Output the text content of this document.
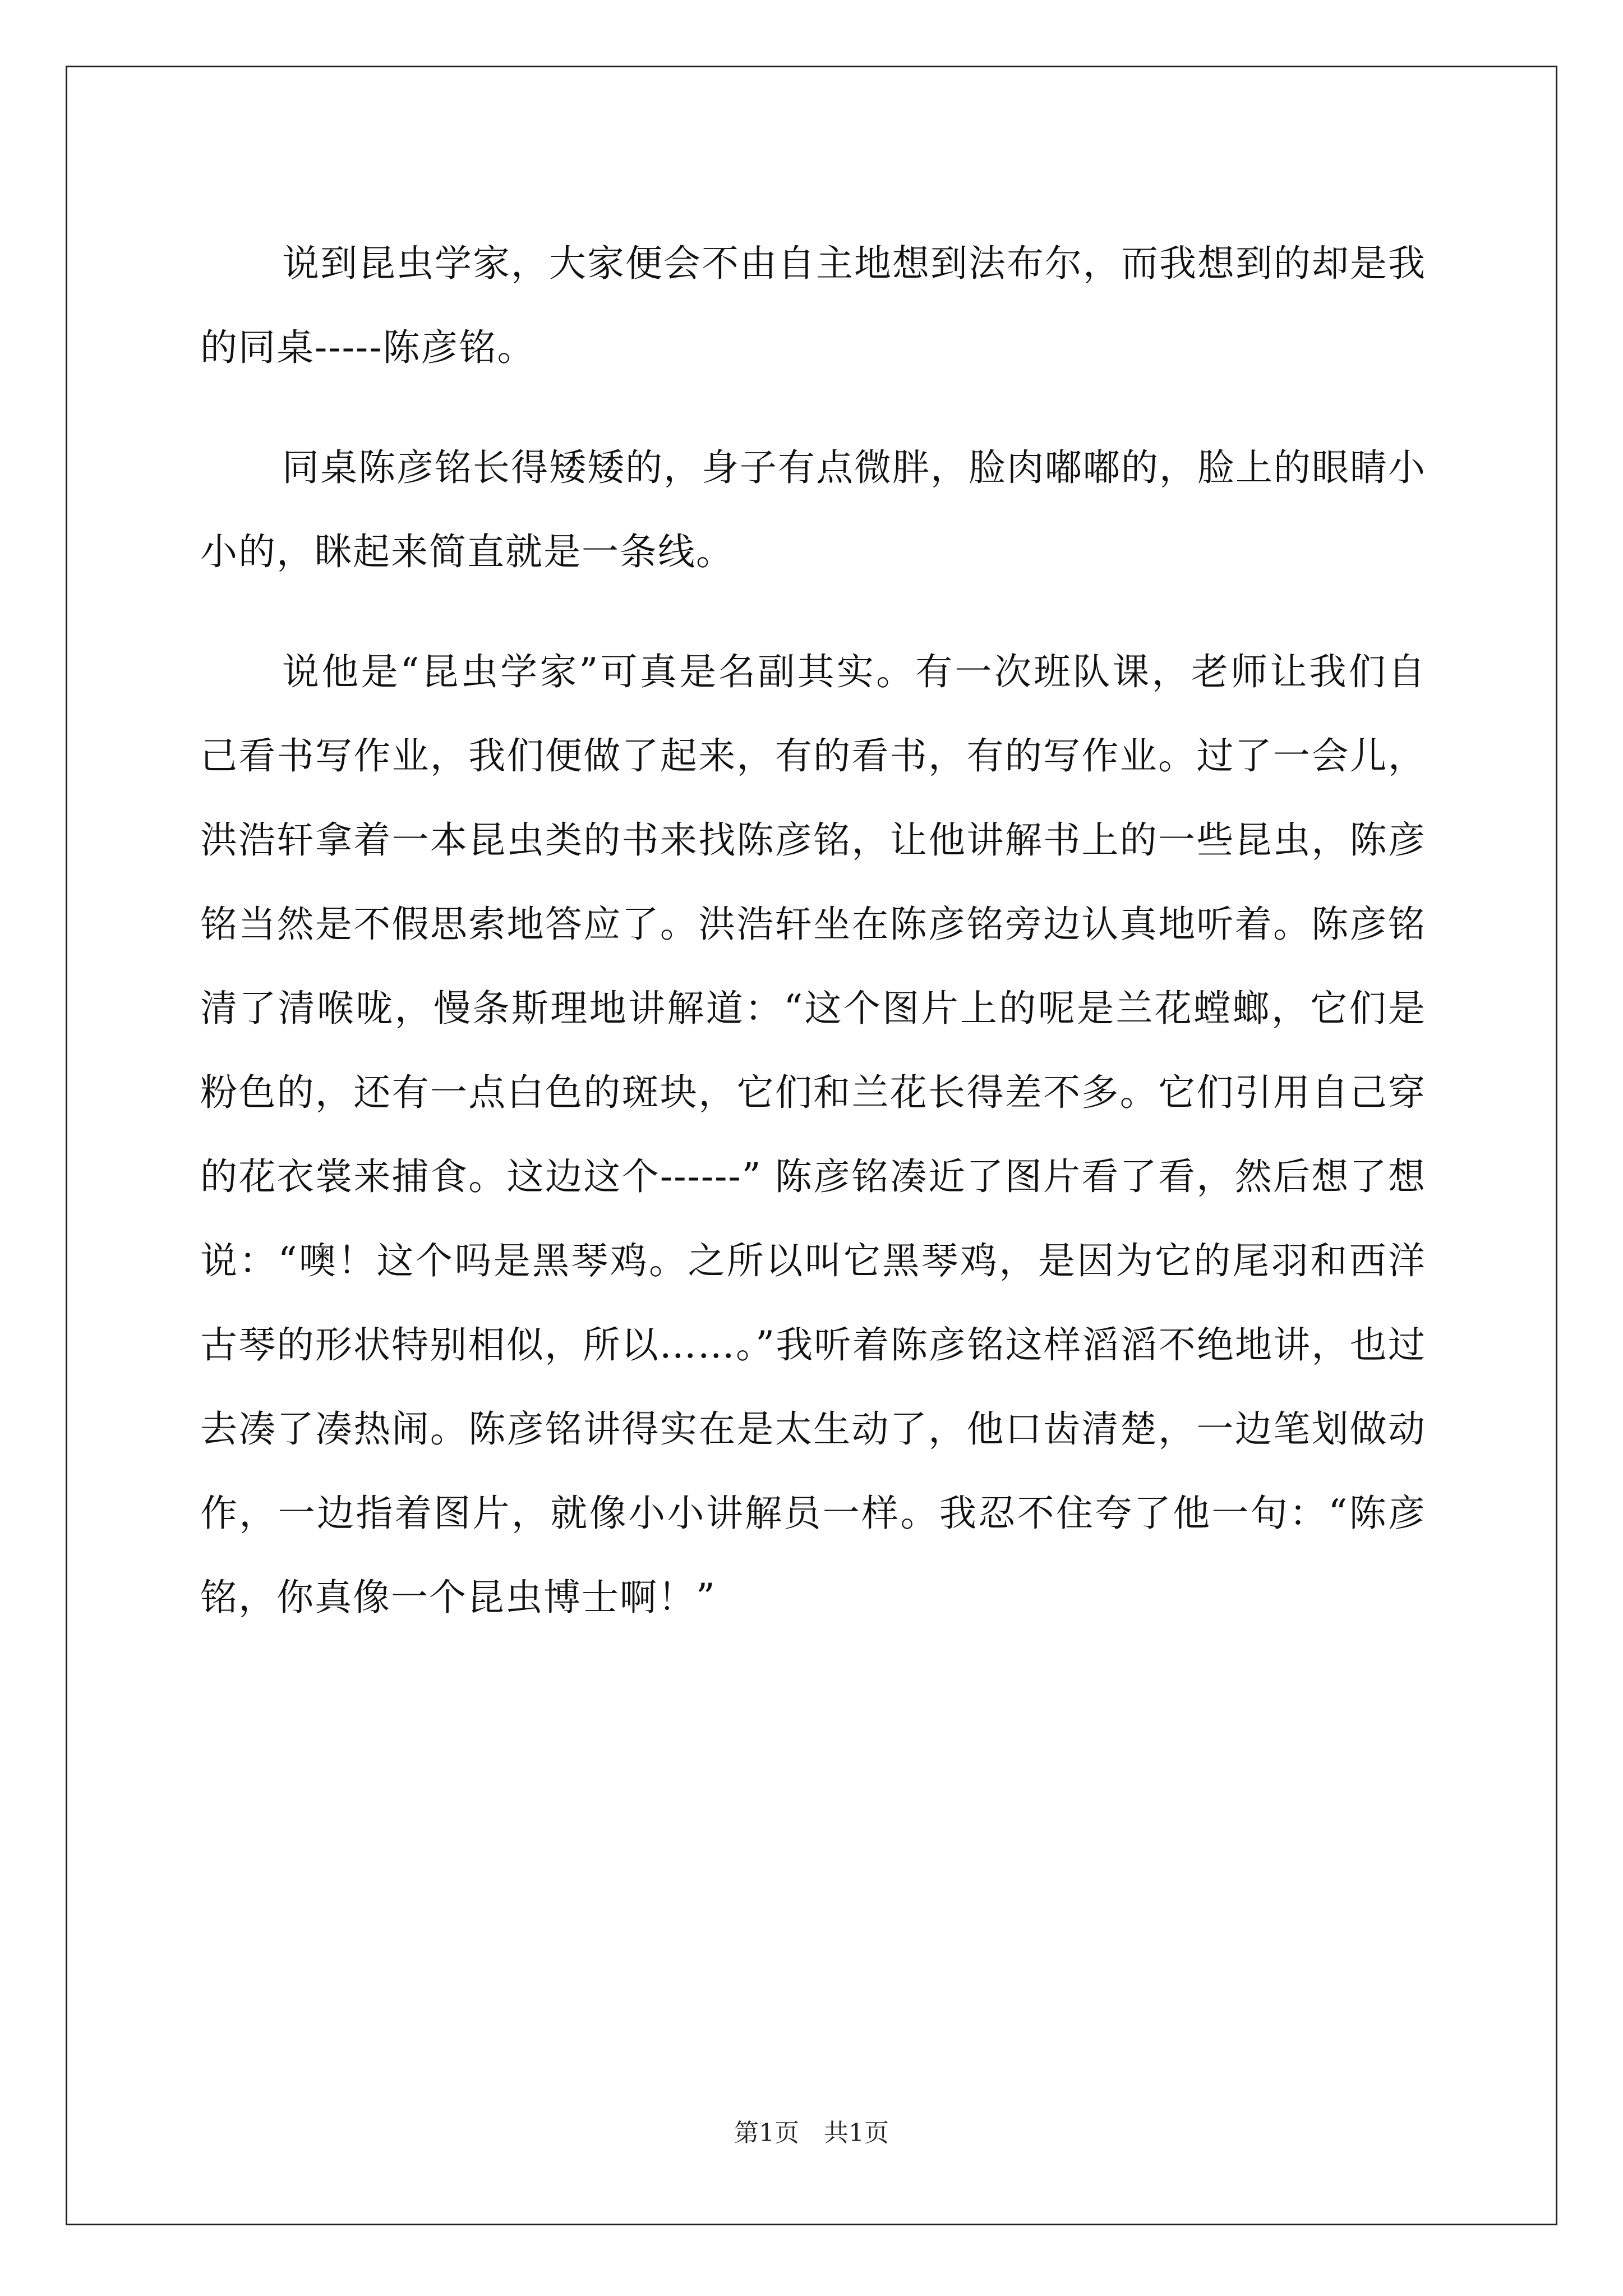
说到昆虫学家，大家便会不由自主地想到法布尔，而我想到的却是我的同桌-----陈彦铭。

同桌陈彦铭长得矮矮的，身子有点微胖，脸肉嘟嘟的，脸上的眼睛小小的，眯起来简直就是一条线。

说他是“昆虫学家”可真是名副其实。有一次班队课，老师让我们自己看书写作业，我们便做了起来，有的看书，有的写作业。过了一会儿，洪浩轩拿着一本昆虫类的书来找陈彦铭，让他讲解书上的一些昆虫，陈彦铭当然是不假思索地答应了。洪浩轩坐在陈彦铭旁边认真地听着。陈彦铭清了清喉咙，慢条斯理地讲解道：“这个图片上的呢是兰花螳螂，它们是粉色的，还有一点白色的斑块，它们和兰花长得差不多。它们引用自己穿的花衣裳来捕食。这边这个------” 陈彦铭凑近了图片看了看，然后想了想说：“噢！这个吗是黑琴鸡。之所以叫它黑琴鸡，是因为它的尾羽和西洋古琴的形状特别相似，所以……。”我听着陈彦铭这样滔滔不绝地讲，也过去凑了凑热闹。陈彦铭讲得实在是太生动了，他口齿清楚，一边笔划做动作，一边指着图片，就像小小讲解员一样。我忍不住夸了他一句：“陈彦铭，你真像一个昆虫博士啊！”

第1页 共1页
